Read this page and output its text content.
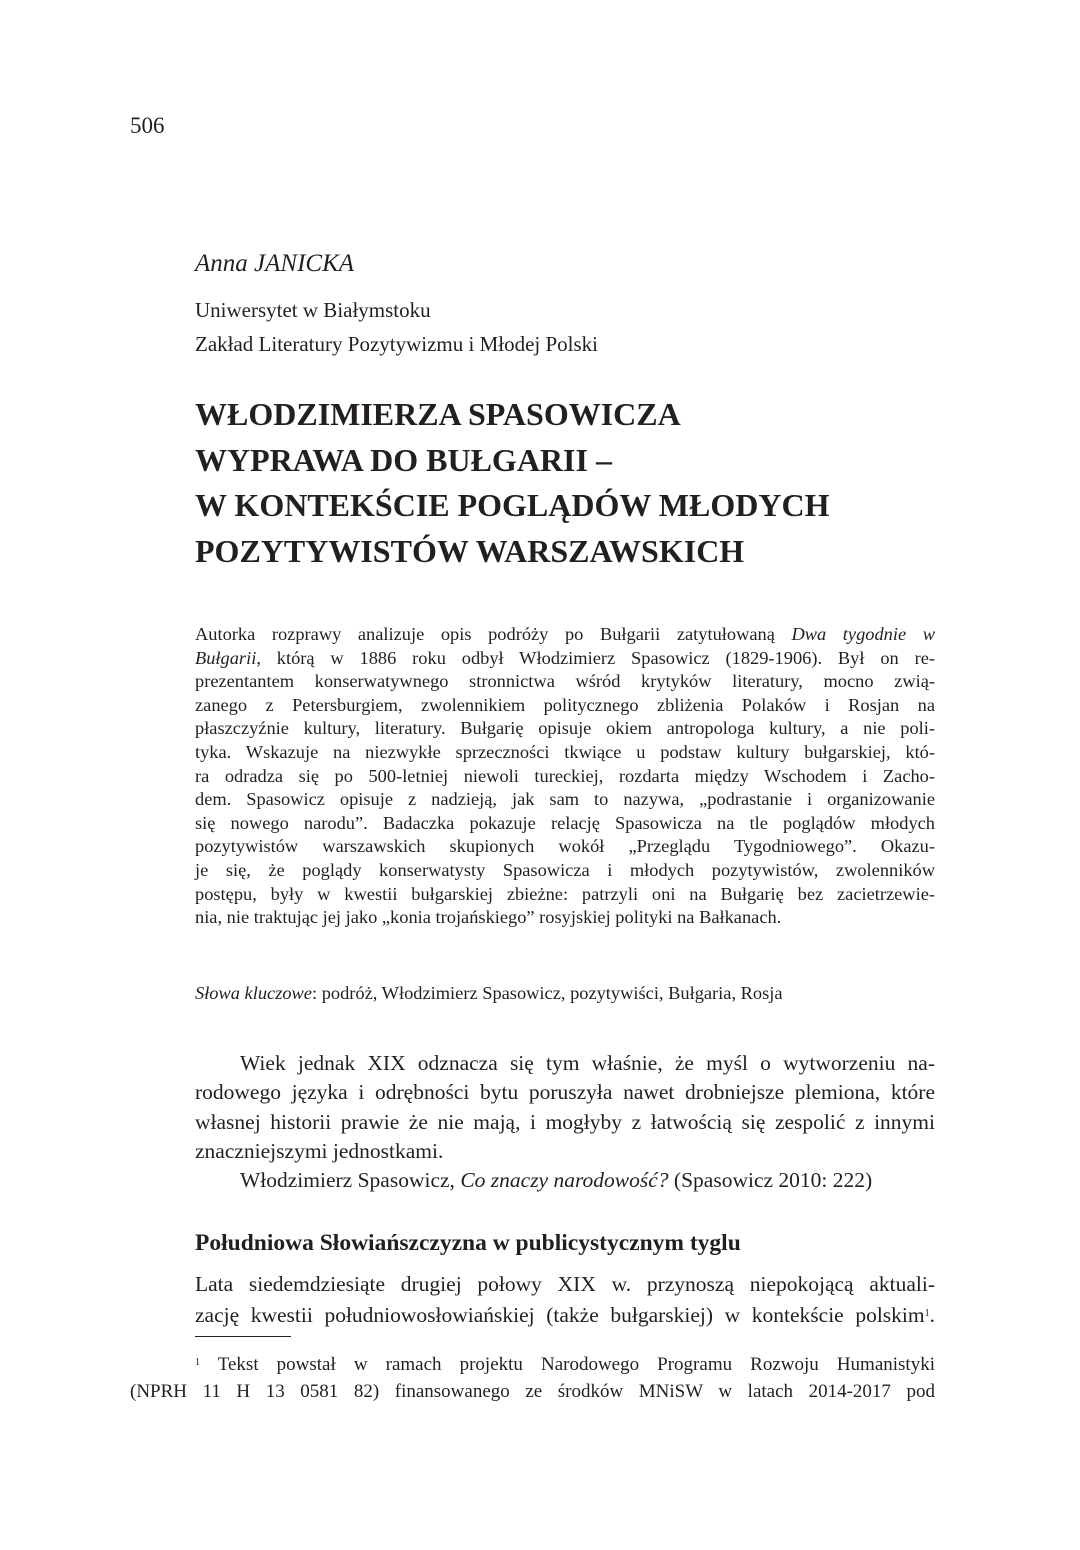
506
Anna JANICKA
Uniwersytet w Białymstoku
Zakład Literatury Pozytywizmu i Młodej Polski
WŁODZIMIERZA SPASOWICZA
WYPRAWA DO BUŁGARII –
W KONTEKŚCIE POGLĄDÓW MŁODYCH
POZYTYWISTÓW WARSZAWSKICH
Autorka rozprawy analizuje opis podróży po Bułgarii zatytułowaną Dwa tygodnie w
Bułgarii, którą w 1886 roku odbył Włodzimierz Spasowicz (1829-1906). Był on re-
prezentantem konserwatywnego stronnictwa wśród krytyków literatury, mocno zwią-
zanego z Petersburgiem, zwolennikiem politycznego zbliżenia Polaków i Rosjan na
płaszczyźnie kultury, literatury. Bułgarię opisuje okiem antropologa kultury, a nie poli-
tyka. Wskazuje na niezwykłe sprzeczności tkwiące u podstaw kultury bułgarskiej, któ-
ra odradza się po 500-letniej niewoli tureckiej, rozdarta między Wschodem i Zacho-
dem. Spasowicz opisuje z nadzieją, jak sam to nazywa, „podrastanie i organizowanie
się nowego narodu”. Badaczka pokazuje relację Spasowicza na tle poglądów młodych
pozytywistów warszawskich skupionych wokół „Przeglądu Tygodniowego”. Okazu-
je się, że poglądy konserwatysty Spasowicza i młodych pozytywistów, zwolenników
postępu, były w kwestii bułgarskiej zbieżne: patrzyli oni na Bułgarię bez zacietrzewie-
nia, nie traktując jej jako „konia trojańskiego” rosyjskiej polityki na Bałkanach.
Słowa kluczowe: podróż, Włodzimierz Spasowicz, pozytywiści, Bułgaria, Rosja
Wiek jednak XIX odznacza się tym właśnie, że myśl o wytworzeniu na-
rodowego języka i odrębności bytu poruszyła nawet drobniejsze plemiona, które
własnej historii prawie że nie mają, i mogłyby z łatwością się zespolić z innymi
znaczniejszymi jednostkami.
Włodzimierz Spasowicz, Co znaczy narodowość? (Spasowicz 2010: 222)
Południowa Słowiańszczyzna w publicystycznym tyglu
Lata siedemdziesiąte drugiej połowy XIX w. przynoszą niepokojącą aktuali-
zację kwestii południowosłowiańskiej (także bułgarskiej) w kontekście polskim$^1$.
$^1$ Tekst powstał w ramach projektu Narodowego Programu Rozwoju Humanistyki
(NPRH 11 H 13 0581 82) finansowanego ze środków MNiSW w latach 2014-2017 pod
